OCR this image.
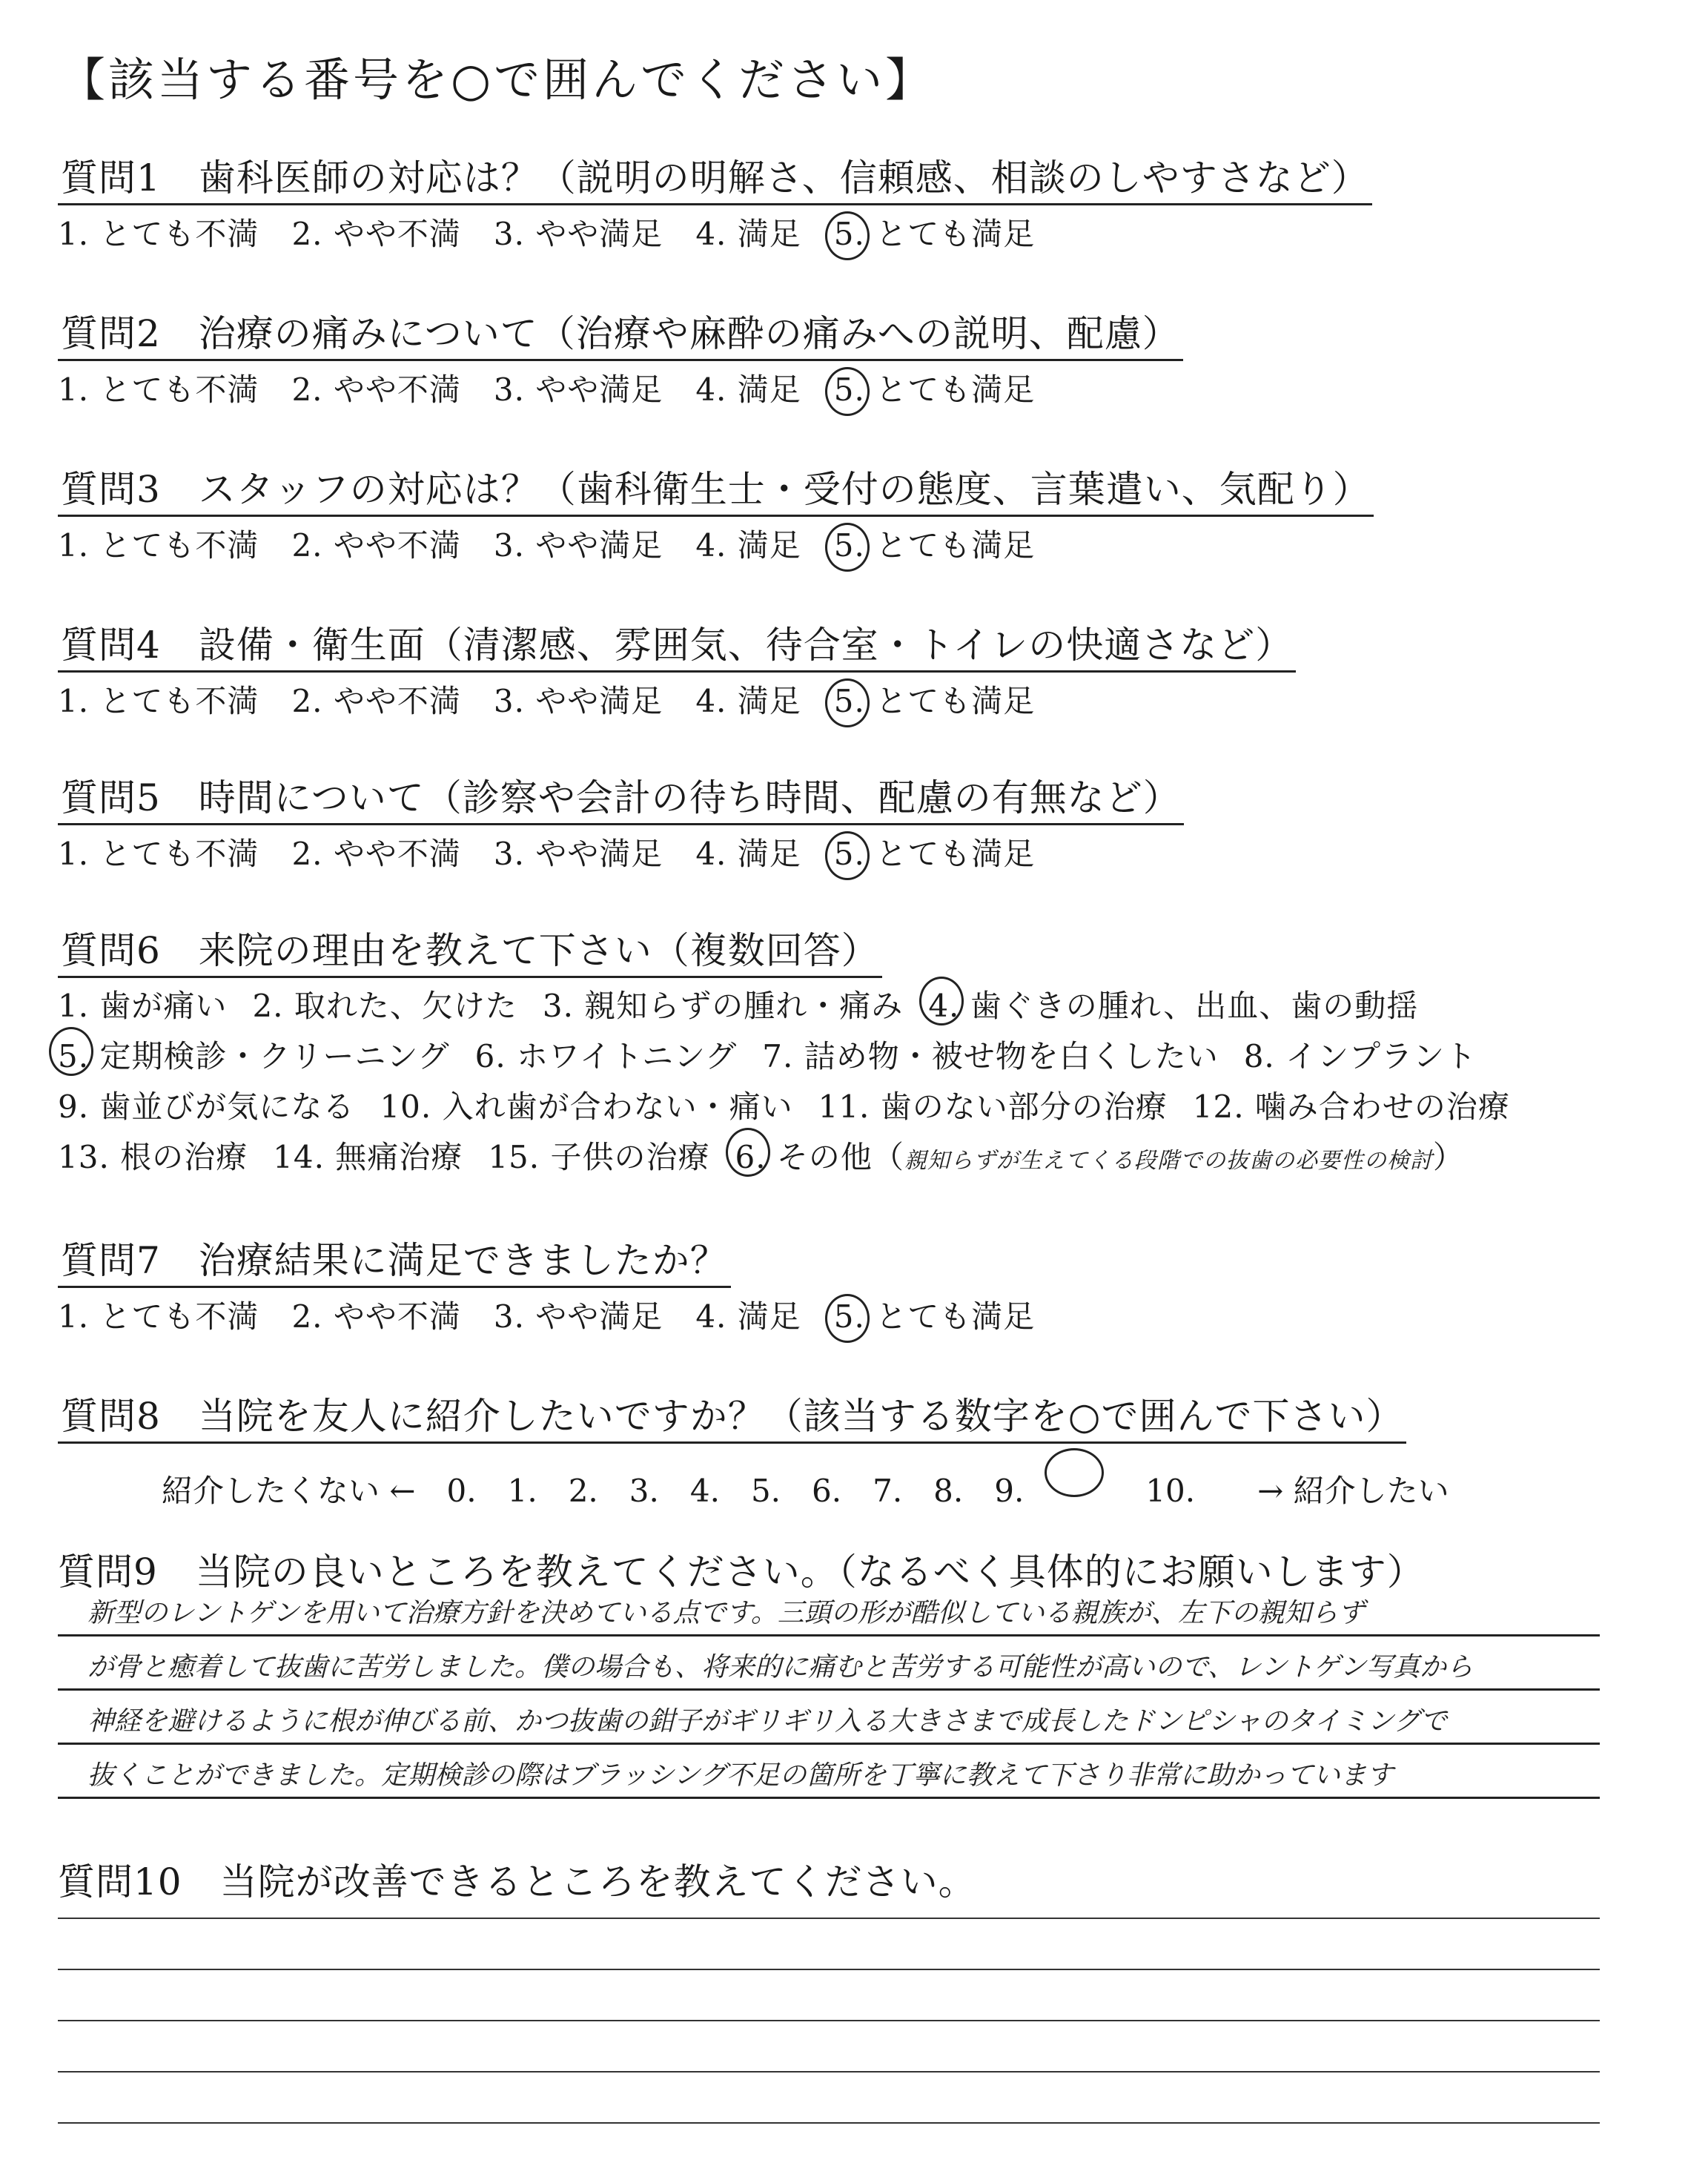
【該当する番号を○で囲んでください】
質問1　歯科医師の対応は？（説明の明解さ、信頼感、相談のしやすさなど）
1. とても不満 2. やや不満 3. やや満足 4. 満足 5. とても満足
質問2　治療の痛みについて（治療や麻酔の痛みへの説明、配慮）
1. とても不満 2. やや不満 3. やや満足 4. 満足 5. とても満足
質問3　スタッフの対応は？（歯科衛生士・受付の態度、言葉遣い、気配り）
1. とても不満 2. やや不満 3. やや満足 4. 満足 5. とても満足
質問4　設備・衛生面（清潔感、雰囲気、待合室・トイレの快適さなど）
1. とても不満 2. やや不満 3. やや満足 4. 満足 5. とても満足
質問5　時間について（診察や会計の待ち時間、配慮の有無など）
1. とても不満 2. やや不満 3. やや満足 4. 満足 5. とても満足
質問6　来院の理由を教えて下さい（複数回答）
1. 歯が痛い 2. 取れた、欠けた 3. 親知らずの腫れ・痛み 4. 歯ぐきの腫れ、出血、歯の動揺
5. 定期検診・クリーニング 6. ホワイトニング 7. 詰め物・被せ物を白くしたい 8. インプラント
9. 歯並びが気になる 10. 入れ歯が合わない・痛い 11. 歯のない部分の治療 12. 噛み合わせの治療
13. 根の治療 14. 無痛治療 15. 子供の治療 6. その他（親知らずが生えてくる段階での抜歯の必要性の検討）
質問7　治療結果に満足できましたか？
1. とても不満 2. やや不満 3. やや満足 4. 満足 5. とても満足
質問8　当院を友人に紹介したいですか？（該当する数字を○で囲んで下さい）
紹介したくない ← 0. 1. 2. 3. 4. 5. 6. 7. 8. 9.	10. → 紹介したい
質問9　当院の良いところを教えてください。（なるべく具体的にお願いします）
新型のレントゲンを用いて治療方針を決めている点です。三頭の形が酷似している親族が、左下の親知らず
が骨と癒着して抜歯に苦労しました。僕の場合も、将来的に痛むと苦労する可能性が高いので、レントゲン写真から
神経を避けるように根が伸びる前、かつ抜歯の鉗子がギリギリ入る大きさまで成長したドンピシャのタイミングで
抜くことができました。定期検診の際はブラッシング不足の箇所を丁寧に教えて下さり非常に助かっています
質問10　当院が改善できるところを教えてください。
